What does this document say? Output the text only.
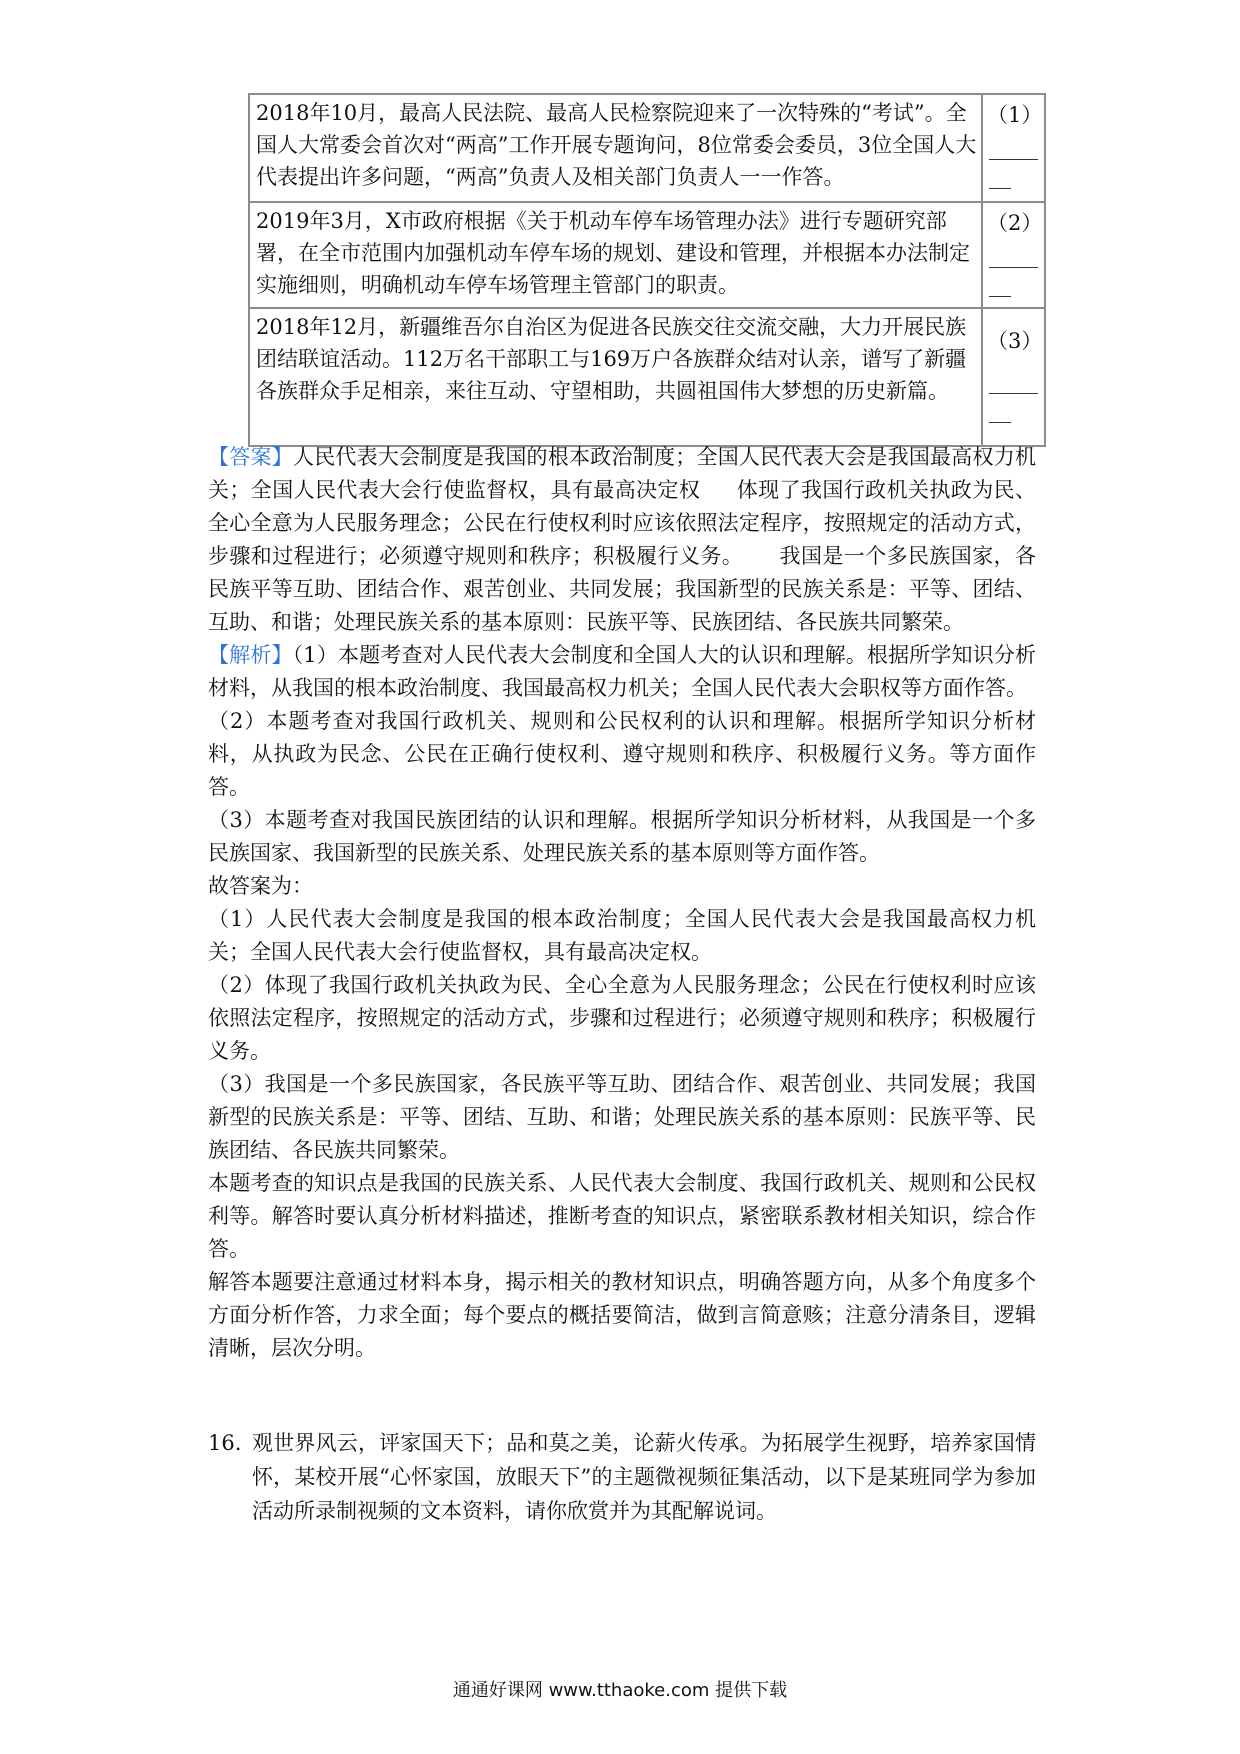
2018年10月，最高人民法院、最高人民检察院迎来了一次特殊的“考试”。全国人大常委会首次对“两高”工作开展专题询问，8位常委会委员，3位全国人大代表提出许多问题，“两高”负责人及相关部门负责人一一作答。	（1）

2019年3月，X市政府根据《关于机动车停车场管理办法》进行专题研究部署，在全市范围内加强机动车停车场的规划、建设和管理，并根据本办法制定实施细则，明确机动车停车场管理主管部门的职责。	（2）

2018年12月，新疆维吾尔自治区为促进各民族交往交流交融，大力开展民族团结联谊活动。112万名干部职工与169万户各族群众结对认亲，谱写了新疆各族群众手足相亲，来往互动、守望相助，共圆祖国伟大梦想的历史新篇。	（3）

【答案】人民代表大会制度是我国的根本政治制度；全国人民代表大会是我国最高权力机关；全国人民代表大会行使监督权，具有最高决定权 体现了我国行政机关执政为民、全心全意为人民服务理念；公民在行使权利时应该依照法定程序，按照规定的活动方式，步骤和过程进行；必须遵守规则和秩序；积极履行义务。 我国是一个多民族国家，各民族平等互助、团结合作、艰苦创业、共同发展；我国新型的民族关系是：平等、团结、互助、和谐；处理民族关系的基本原则：民族平等、民族团结、各民族共同繁荣。

【解析】（1）本题考查对人民代表大会制度和全国人大的认识和理解。根据所学知识分析材料，从我国的根本政治制度、我国最高权力机关；全国人民代表大会职权等方面作答。

（2）本题考查对我国行政机关、规则和公民权利的认识和理解。根据所学知识分析材料，从执政为民念、公民在正确行使权利、遵守规则和秩序、积极履行义务。等方面作答。

（3）本题考查对我国民族团结的认识和理解。根据所学知识分析材料，从我国是一个多民族国家、我国新型的民族关系、处理民族关系的基本原则等方面作答。

故答案为：

（1）人民代表大会制度是我国的根本政治制度；全国人民代表大会是我国最高权力机关；全国人民代表大会行使监督权，具有最高决定权。

（2）体现了我国行政机关执政为民、全心全意为人民服务理念；公民在行使权利时应该依照法定程序，按照规定的活动方式，步骤和过程进行；必须遵守规则和秩序；积极履行义务。

（3）我国是一个多民族国家，各民族平等互助、团结合作、艰苦创业、共同发展；我国新型的民族关系是：平等、团结、互助、和谐；处理民族关系的基本原则：民族平等、民族团结、各民族共同繁荣。

本题考查的知识点是我国的民族关系、人民代表大会制度、我国行政机关、规则和公民权利等。解答时要认真分析材料描述，推断考查的知识点，紧密联系教材相关知识，综合作答。

解答本题要注意通过材料本身，揭示相关的教材知识点，明确答题方向，从多个角度多个方面分析作答，力求全面；每个要点的概括要简洁，做到言简意赅；注意分清条目，逻辑清晰，层次分明。

16. 观世界风云，评家国天下；品和莫之美，论薪火传承。为拓展学生视野，培养家国情怀，某校开展“心怀家国，放眼天下”的主题微视频征集活动，以下是某班同学为参加活动所录制视频的文本资料，请你欣赏并为其配解说词。
通通好课网 www.tthaoke.com 提供下载
